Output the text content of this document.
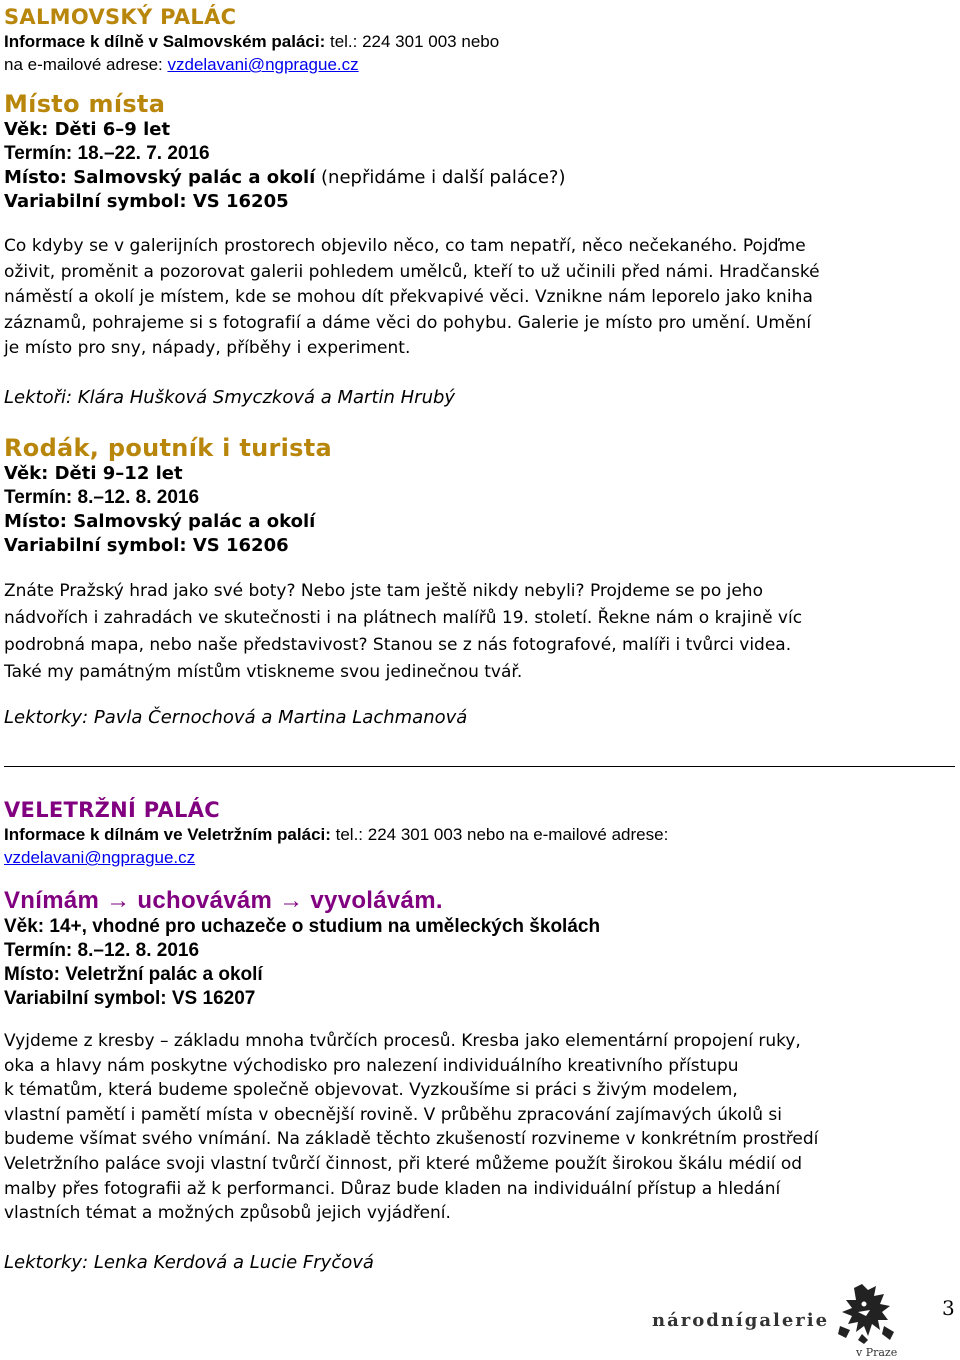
SALMOVSKÝ PALÁC
Informace k dílně v Salmovském paláci: tel.: 224 301 003 nebo
na e-mailové adrese: vzdelavani@ngprague.cz
Místo místa
Věk: Děti 6–9 let
Termín: 18.–22. 7. 2016
Místo: Salmovský palác a okolí (nepřidáme i další paláce?)
Variabilní symbol: VS 16205
Co kdyby se v galerijních prostorech objevilo něco, co tam nepatří, něco nečekaného. Pojďme
oživit, proměnit a pozorovat galerii pohledem umělců, kteří to už učinili před námi. Hradčanské
náměstí a okolí je místem, kde se mohou dít překvapivé věci. Vznikne nám leporelo jako kniha
záznamů, pohrajeme si s fotografií a dáme věci do pohybu. Galerie je místo pro umění. Umění
je místo pro sny, nápady, příběhy i experiment.
Lektoři: Klára Hušková Smyczková a Martin Hrubý
Rodák, poutník i turista
Věk: Děti 9–12 let
Termín: 8.–12. 8. 2016
Místo: Salmovský palác a okolí
Variabilní symbol: VS 16206
Znáte Pražský hrad jako své boty? Nebo jste tam ještě nikdy nebyli? Projdeme se po jeho
nádvořích i zahradách ve skutečnosti i na plátnech malířů 19. století. Řekne nám o krajině víc
podrobná mapa, nebo naše představivost? Stanou se z nás fotografové, malíři i tvůrci videa.
Také my památným místům vtiskneme svou jedinečnou tvář.
Lektorky: Pavla Černochová a Martina Lachmanová
VELETRŽNÍ PALÁC
Informace k dílnám ve Veletržním paláci: tel.: 224 301 003 nebo na e-mailové adrese:
vzdelavani@ngprague.cz
Vnímám → uchovávám → vyvolávám.
Věk: 14+, vhodné pro uchazeče o studium na uměleckých školách
Termín: 8.–12. 8. 2016
Místo: Veletržní palác a okolí
Variabilní symbol: VS 16207
Vyjdeme z kresby – základu mnoha tvůrčích procesů. Kresba jako elementární propojení ruky,
oka a hlavy nám poskytne východisko pro nalezení individuálního kreativního přístupu
k tématům, která budeme společně objevovat. Vyzkoušíme si práci s živým modelem,
vlastní pamětí i pamětí místa v obecnější rovině. V průběhu zpracování zajímavých úkolů si
budeme všímat svého vnímání. Na základě těchto zkušeností rozvineme v konkrétním prostředí
Veletržního paláce svoji vlastní tvůrčí činnost, při které můžeme použít širokou škálu médií od
malby přes fotografii až k performanci. Důraz bude kladen na individuální přístup a hledání
vlastních témat a možných způsobů jejich vyjádření.
Lektorky: Lenka Kerdová a Lucie Fryčová
národnígalerie
v Praze
3
